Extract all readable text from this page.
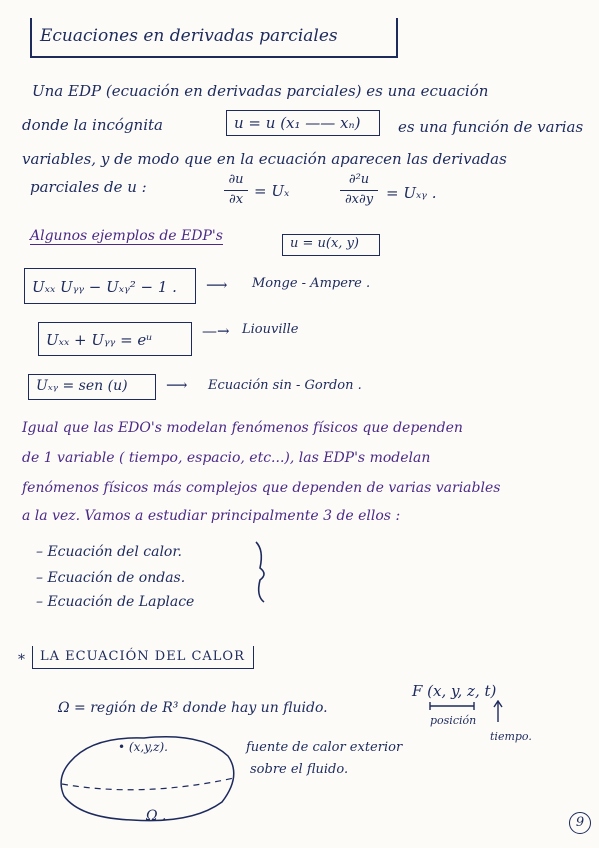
Ecuaciones en derivadas parciales
Una EDP (ecuación en derivadas parciales) es una ecuación
donde la incógnita	u = u (x₁ —— xₙ)	es una función de varias
variables, y de modo que en la ecuación aparecen las derivadas
parciales de u :	∂u
∂x = Uₓ
∂²u
∂x∂y = Uₓᵧ .
Algunos ejemplos de EDP's	u = u(x, y)
Uₓₓ Uᵧᵧ − Uₓᵧ² − 1 . ⟶ Monge - Ampere .
Uₓₓ + Uᵧᵧ = eᵘ	—→ Liouville
Uₓᵧ = sen (u)	⟶ Ecuación sin - Gordon .
Igual que las EDO's modelan fenómenos físicos que dependen
de 1 variable ( tiempo, espacio, etc...), las EDP's modelan
fenómenos físicos más complejos que dependen de varias variables
a la vez. Vamos a estudiar principalmente 3 de ellos :
– Ecuación del calor.
– Ecuación de ondas.
– Ecuación de Laplace
* LA ECUACIÓN DEL CALOR
Ω = región de R³ donde hay un fluido.
F (x, y, z, t)
posición
tiempo.
• (x,y,z).
Ω .
fuente de calor exterior
sobre el fluido.
9
